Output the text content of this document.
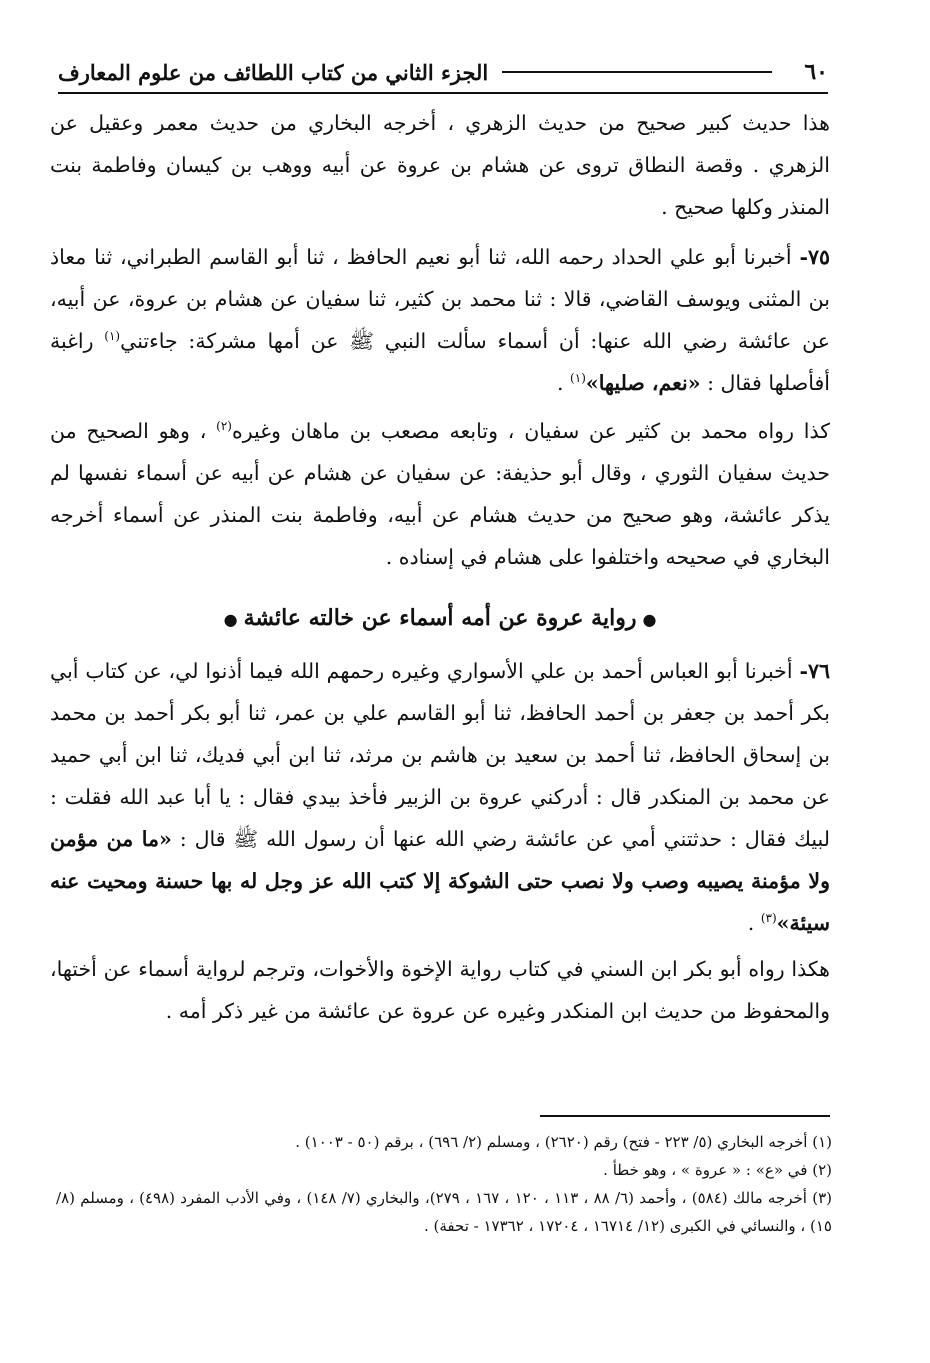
٦٠
الجزء الثاني من كتاب اللطائف من علوم المعارف

هذا حديث كبير صحيح من حديث الزهري ، أخرجه البخاري من حديث معمر وعقيل عن الزهري . وقصة النطاق تروى عن هشام بن عروة عن أبيه ووهب بن كيسان وفاطمة بنت المنذر وكلها صحيح .

٧٥- أخبرنا أبو علي الحداد رحمه الله، ثنا أبو نعيم الحافظ ، ثنا أبو القاسم الطبراني، ثنا معاذ بن المثنى ويوسف القاضي، قالا : ثنا محمد بن كثير، ثنا سفيان عن هشام بن عروة، عن أبيه، عن عائشة رضي الله عنها: أن أسماء سألت النبي ﷺ عن أمها مشركة: جاءتني$^{(١)}$ راغبة أفأصلها فقال : «نعم، صليها»$^{(١)}$ .

كذا رواه محمد بن كثير عن سفيان ، وتابعه مصعب بن ماهان وغيره$^{(٢)}$ ، وهو الصحيح من حديث سفيان الثوري ، وقال أبو حذيفة: عن سفيان عن هشام عن أبيه عن أسماء نفسها لم يذكر عائشة، وهو صحيح من حديث هشام عن أبيه، وفاطمة بنت المنذر عن أسماء أخرجه البخاري في صحيحه واختلفوا على هشام في إسناده .

●رواية عروة عن أمه أسماء عن خالته عائشة●

٧٦- أخبرنا أبو العباس أحمد بن علي الأسواري وغيره رحمهم الله فيما أذنوا لي، عن كتاب أبي بكر أحمد بن جعفر بن أحمد الحافظ، ثنا أبو القاسم علي بن عمر، ثنا أبو بكر أحمد بن محمد بن إسحاق الحافظ، ثنا أحمد بن سعيد بن هاشم بن مرثد، ثنا ابن أبي فديك، ثنا ابن أبي حميد عن محمد بن المنكدر قال : أدركني عروة بن الزبير فأخذ بيدي فقال : يا أبا عبد الله فقلت : لبيك فقال : حدثتني أمي عن عائشة رضي الله عنها أن رسول الله ﷺ قال : «ما من مؤمن ولا مؤمنة يصيبه وصب ولا نصب حتى الشوكة إلا كتب الله عز وجل له بها حسنة ومحيت عنه سيئة»$^{(٣)}$ .

هكذا رواه أبو بكر ابن السني في كتاب رواية الإخوة والأخوات، وترجم لرواية أسماء عن أختها، والمحفوظ من حديث ابن المنكدر وغيره عن عروة عن عائشة من غير ذكر أمه .

(١) أخرجه البخاري (٥/ ٢٢٣ - فتح) رقم (٢٦٢٠) ، ومسلم (٢/ ٦٩٦) ، برقم (٥٠ - ١٠٠٣) .

(٢) في «ع» : « عروة » ، وهو خطأ .

(٣) أخرجه مالك (٥٨٤) ، وأحمد (٦/ ٨٨ ، ١١٣ ، ١٢٠ ، ١٦٧ ، ٢٧٩)، والبخاري (٧/ ١٤٨) ، وفي الأدب المفرد (٤٩٨) ، ومسلم (٨/ ١٥) ، والنسائي في الكبرى (١٢/ ١٦٧١٤ ، ١٧٢٠٤ ، ١٧٣٦٢ - تحفة) .
